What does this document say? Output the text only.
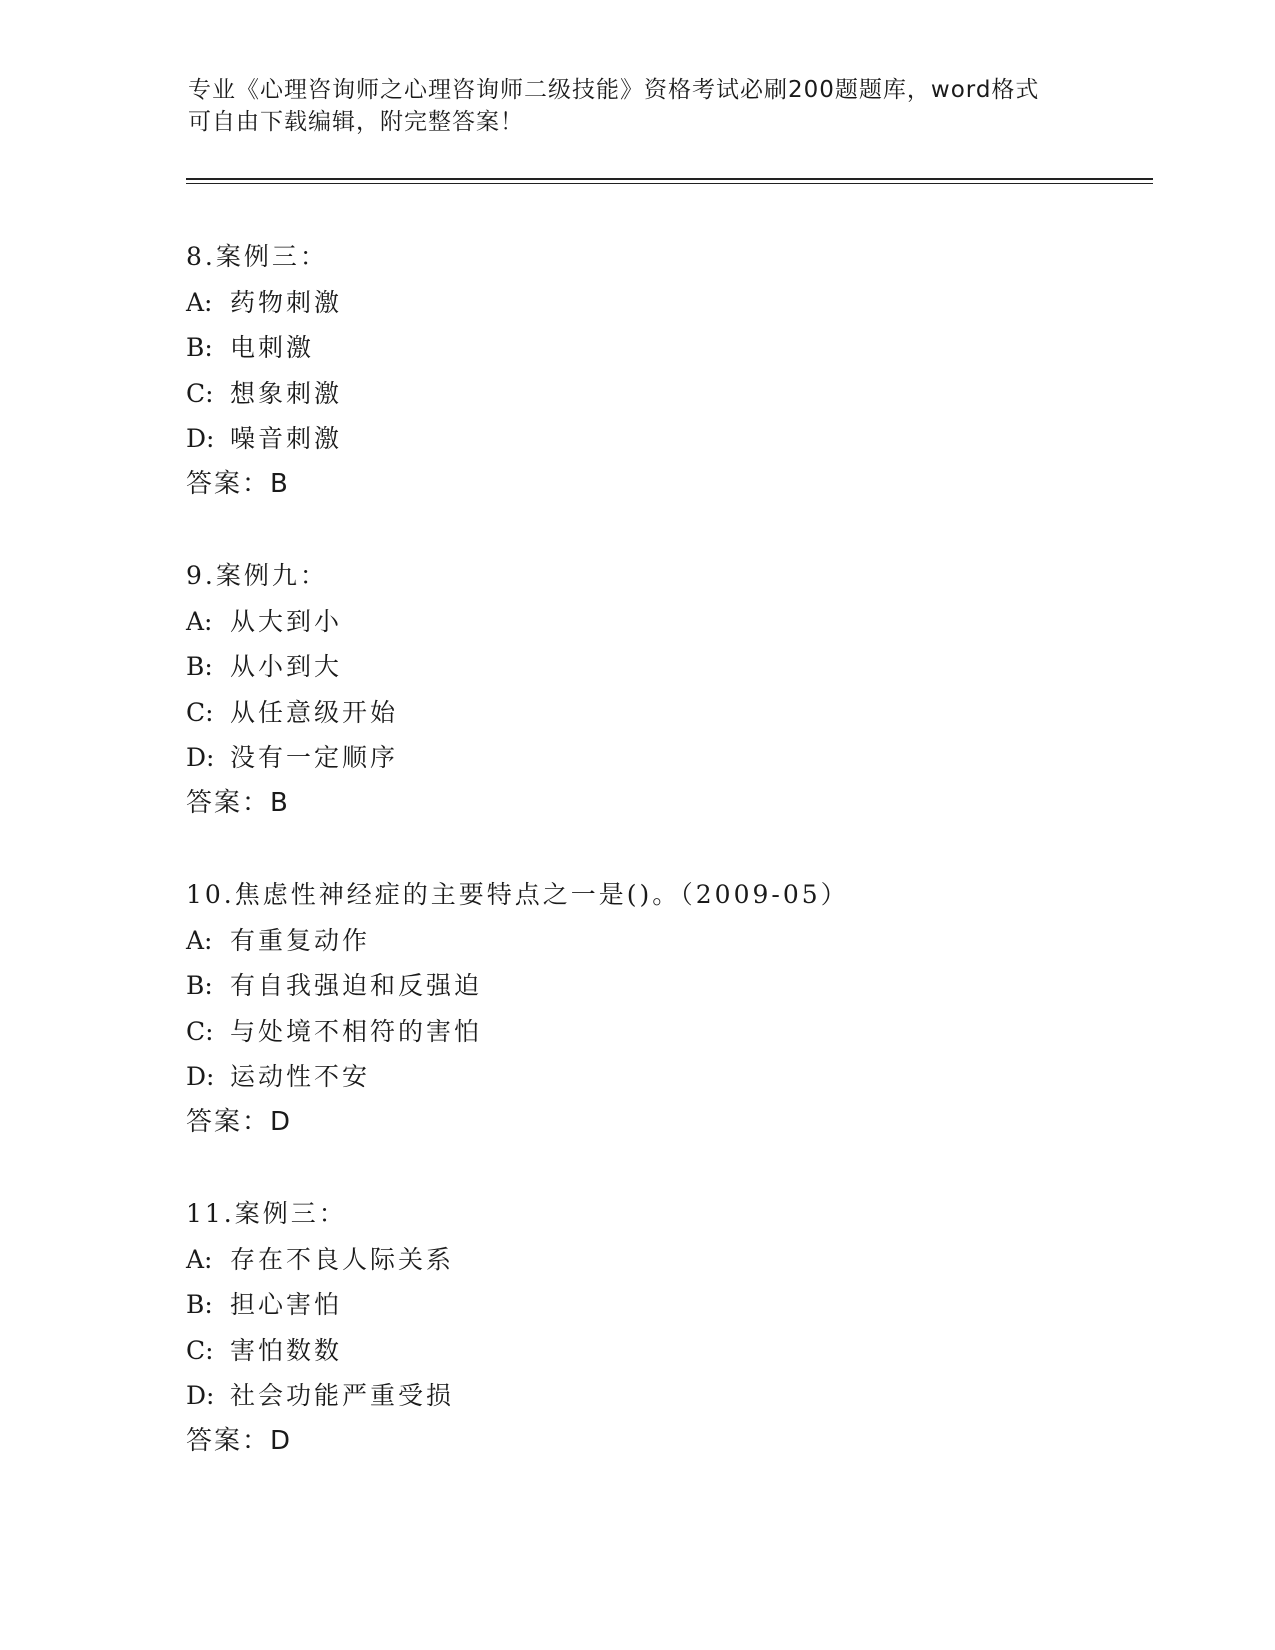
专业《心理咨询师之心理咨询师二级技能》资格考试必刷200题题库，word格式
可自由下载编辑，附完整答案！
8.案例三：
A: 药物刺激
B: 电刺激
C: 想象刺激
D: 噪音刺激
答案：B
9.案例九：
A: 从大到小
B: 从小到大
C: 从任意级开始
D: 没有一定顺序
答案：B
10.焦虑性神经症的主要特点之一是()。（2009-05）
A: 有重复动作
B: 有自我强迫和反强迫
C: 与处境不相符的害怕
D: 运动性不安
答案：D
11.案例三：
A: 存在不良人际关系
B: 担心害怕
C: 害怕数数
D: 社会功能严重受损
答案：D
